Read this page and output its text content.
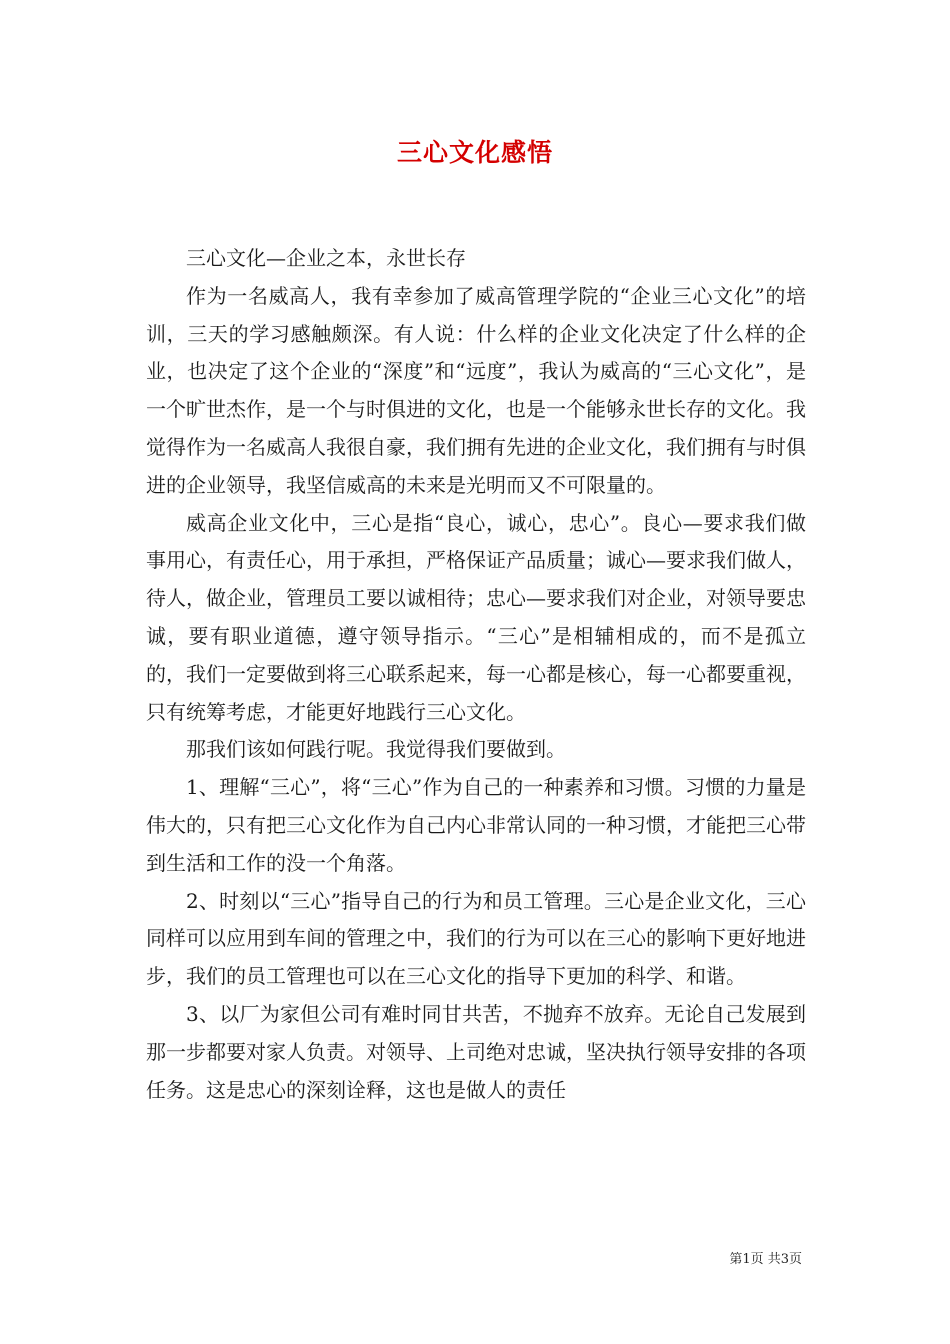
三心文化感悟

三心文化—企业之本，永世长存

作为一名威高人，我有幸参加了威高管理学院的“企业三心文化”的培训，三天的学习感触颇深。有人说：什么样的企业文化决定了什么样的企业，也决定了这个企业的“深度”和“远度”，我认为威高的“三心文化”，是一个旷世杰作，是一个与时俱进的文化，也是一个能够永世长存的文化。我觉得作为一名威高人我很自豪，我们拥有先进的企业文化，我们拥有与时俱进的企业领导，我坚信威高的未来是光明而又不可限量的。

威高企业文化中，三心是指“良心，诚心，忠心”。良心—要求我们做事用心，有责任心，用于承担，严格保证产品质量；诚心—要求我们做人，待人，做企业，管理员工要以诚相待；忠心—要求我们对企业，对领导要忠诚，要有职业道德，遵守领导指示。“三心”是相辅相成的，而不是孤立的，我们一定要做到将三心联系起来，每一心都是核心，每一心都要重视，只有统筹考虑，才能更好地践行三心文化。

那我们该如何践行呢。我觉得我们要做到。

1、理解“三心”，将“三心”作为自己的一种素养和习惯。习惯的力量是伟大的，只有把三心文化作为自己内心非常认同的一种习惯，才能把三心带到生活和工作的没一个角落。

2、时刻以“三心”指导自己的行为和员工管理。三心是企业文化，三心同样可以应用到车间的管理之中，我们的行为可以在三心的影响下更好地进步，我们的员工管理也可以在三心文化的指导下更加的科学、和谐。

3、以厂为家但公司有难时同甘共苦，不抛弃不放弃。无论自己发展到那一步都要对家人负责。对领导、上司绝对忠诚，坚决执行领导安排的各项任务。这是忠心的深刻诠释，这也是做人的责任

第1页 共3页
